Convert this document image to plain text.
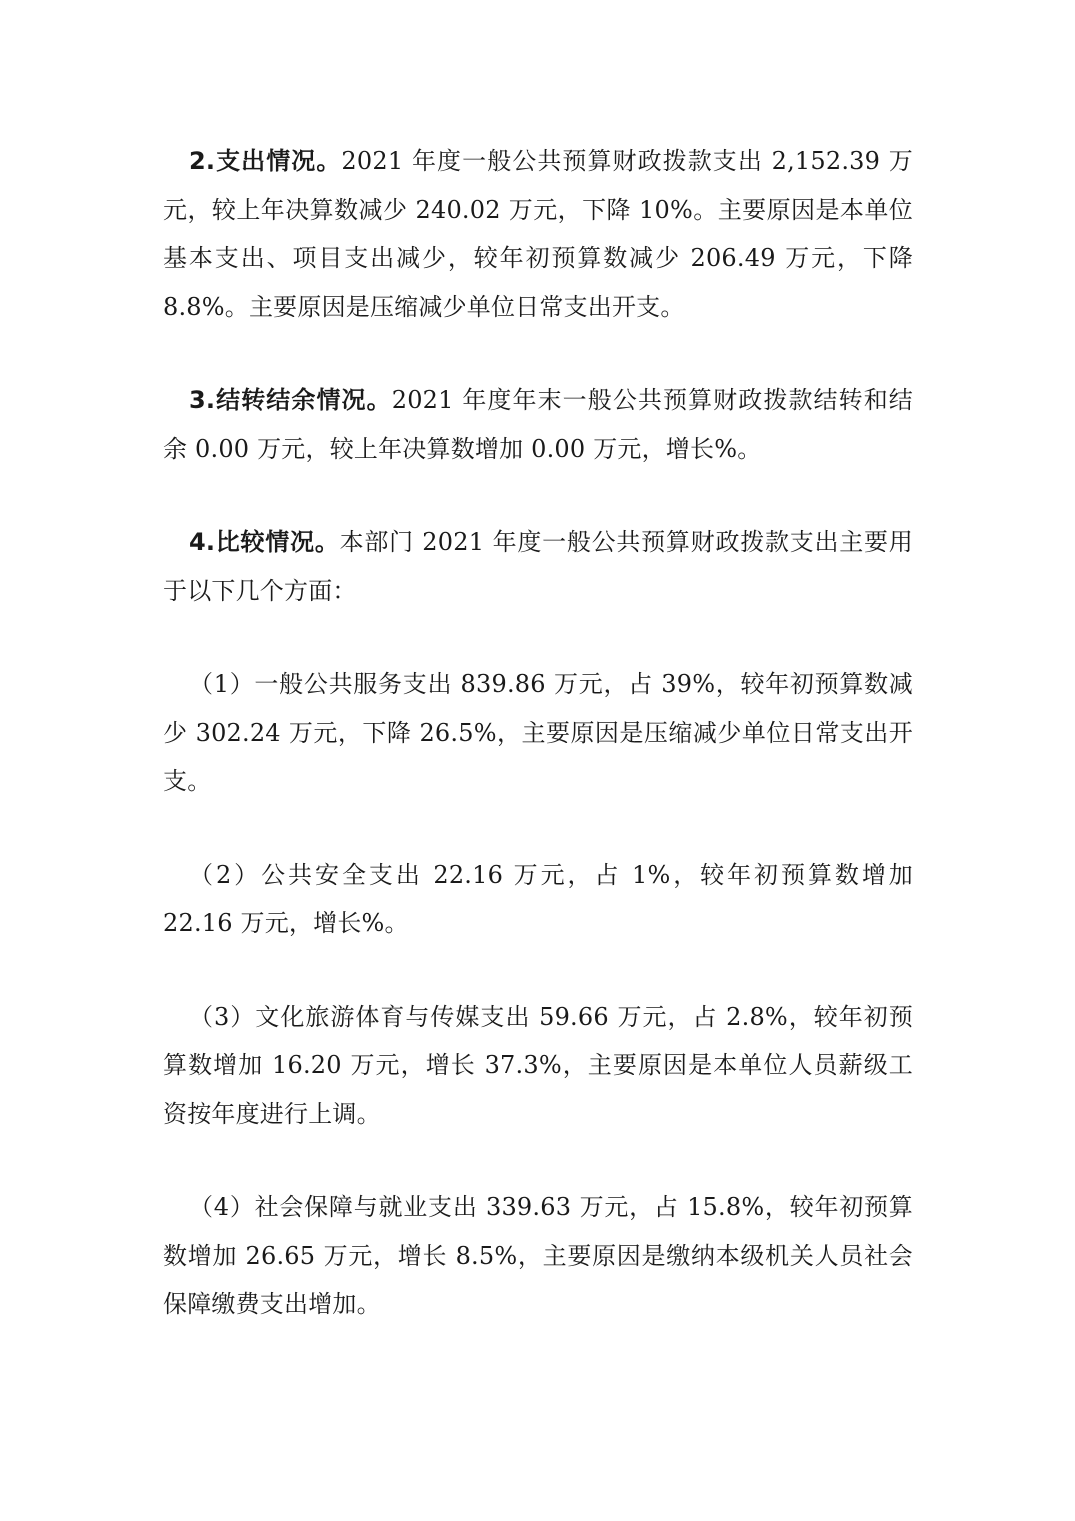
2.支出情况。2021 年度一般公共预算财政拨款支出 2,152.39 万元，较上年决算数减少 240.02 万元，下降 10%。主要原因是本单位基本支出、项目支出减少，较年初预算数减少 206.49 万元，下降 8.8%。主要原因是压缩减少单位日常支出开支。

3.结转结余情况。2021 年度年末一般公共预算财政拨款结转和结余 0.00 万元，较上年决算数增加 0.00 万元，增长%。

4.比较情况。本部门 2021 年度一般公共预算财政拨款支出主要用于以下几个方面：

（1）一般公共服务支出 839.86 万元，占 39%，较年初预算数减少 302.24 万元，下降 26.5%，主要原因是压缩减少单位日常支出开支。

（2）公共安全支出 22.16 万元，占 1%，较年初预算数增加 22.16 万元，增长%。

（3）文化旅游体育与传媒支出 59.66 万元，占 2.8%，较年初预算数增加 16.20 万元，增长 37.3%，主要原因是本单位人员薪级工资按年度进行上调。

（4）社会保障与就业支出 339.63 万元，占 15.8%，较年初预算数增加 26.65 万元，增长 8.5%，主要原因是缴纳本级机关人员社会保障缴费支出增加。
